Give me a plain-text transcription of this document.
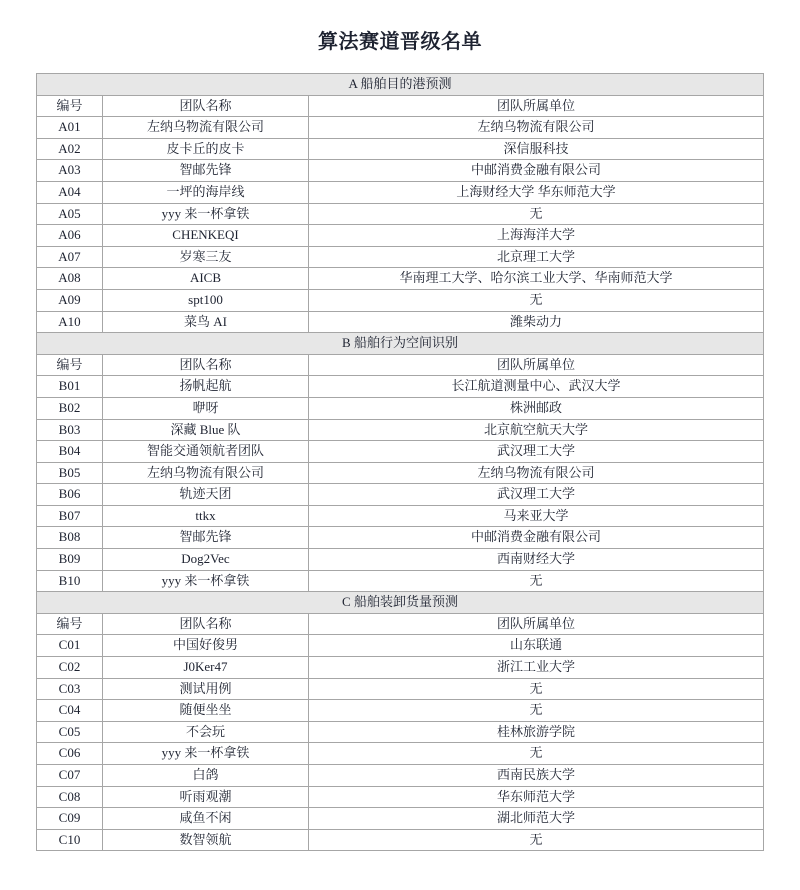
算法赛道晋级名单
A 船舶目的港预测		
编号	团队名称	团队所属单位
A01	左纳乌物流有限公司	左纳乌物流有限公司
A02	皮卡丘的皮卡	深信服科技
A03	智邮先锋	中邮消费金融有限公司
A04	一坪的海岸线	上海财经大学 华东师范大学
A05	yyy 来一杯拿铁	无
A06	CHENKEQI	上海海洋大学
A07	岁寒三友	北京理工大学
A08	AICB	华南理工大学、哈尔滨工业大学、华南师范大学
A09	spt100	无
A10	菜鸟 AI	潍柴动力
B 船舶行为空间识别		
编号	团队名称	团队所属单位
B01	扬帆起航	长江航道测量中心、武汉大学
B02	咿呀	株洲邮政
B03	深藏 Blue 队	北京航空航天大学
B04	智能交通领航者团队	武汉理工大学
B05	左纳乌物流有限公司	左纳乌物流有限公司
B06	轨迹天团	武汉理工大学
B07	ttkx	马来亚大学
B08	智邮先锋	中邮消费金融有限公司
B09	Dog2Vec	西南财经大学
B10	yyy 来一杯拿铁	无
C 船舶装卸货量预测		
编号	团队名称	团队所属单位
C01	中国好俊男	山东联通
C02	J0Ker47	浙江工业大学
C03	测试用例	无
C04	随便坐坐	无
C05	不会玩	桂林旅游学院
C06	yyy 来一杯拿铁	无
C07	白鸽	西南民族大学
C08	听雨观潮	华东师范大学
C09	咸鱼不闲	湖北师范大学
C10	数智领航	无
